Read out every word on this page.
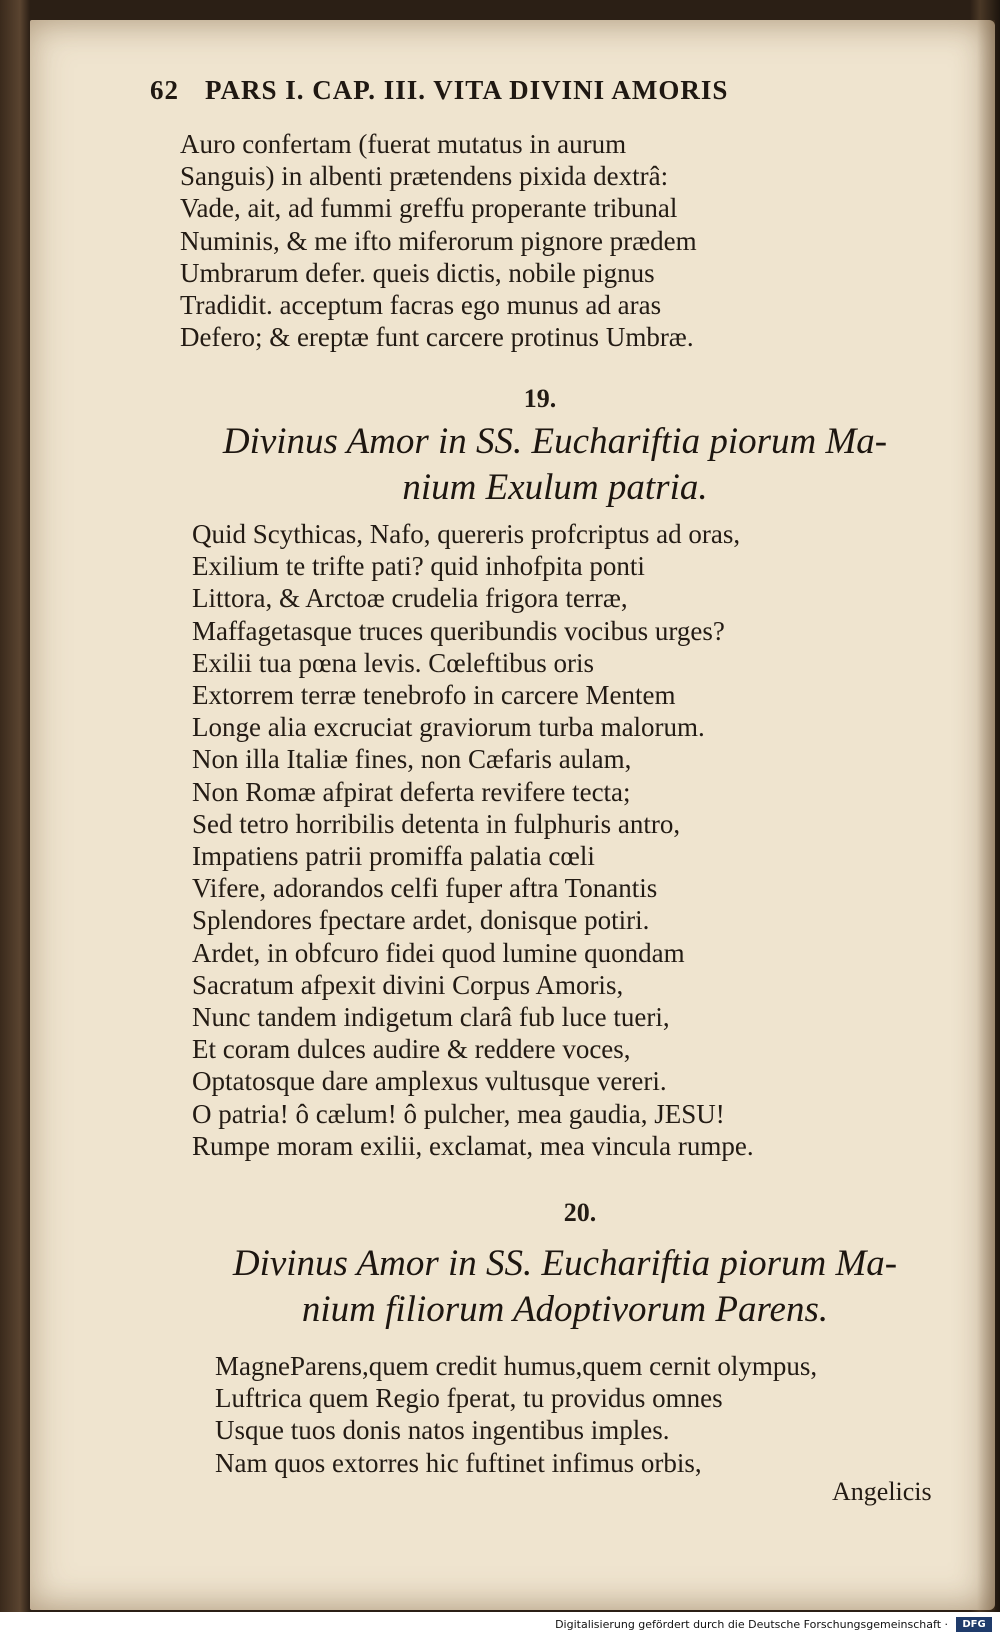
62 PARS I. CAP. III. VITA DIVINI AMORIS
Auro confertam (fuerat mutatus in aurum
Sanguis) in albenti prætendens pixida dextrâ:
Vade, ait, ad fummi greffu properante tribunal
Numinis, & me ifto miferorum pignore prædem
Umbrarum defer. queis dictis, nobile pignus
Tradidit. acceptum facras ego munus ad aras
Defero; & ereptæ funt carcere protinus Umbræ.
19.
Divinus Amor in SS. Euchariftia piorum Ma-
nium Exulum patria.
Quid Scythicas, Nafo, quereris profcriptus ad oras,
Exilium te trifte pati? quid inhofpita ponti
Littora, & Arctoæ crudelia frigora terræ,
Maffagetasque truces queribundis vocibus urges?
Exilii tua pœna levis. Cœleftibus oris
Extorrem terræ tenebrofo in carcere Mentem
Longe alia excruciat graviorum turba malorum.
Non illa Italiæ fines, non Cæfaris aulam,
Non Romæ afpirat deferta revifere tecta;
Sed tetro horribilis detenta in fulphuris antro,
Impatiens patrii promiffa palatia cœli
Vifere, adorandos celfi fuper aftra Tonantis
Splendores fpectare ardet, donisque potiri.
Ardet, in obfcuro fidei quod lumine quondam
Sacratum afpexit divini Corpus Amoris,
Nunc tandem indigetum clarâ fub luce tueri,
Et coram dulces audire & reddere voces,
Optatosque dare amplexus vultusque vereri.
O patria! ô cælum! ô pulcher, mea gaudia, JESU!
Rumpe moram exilii, exclamat, mea vincula rumpe.
20.
Divinus Amor in SS. Euchariftia piorum Ma-
nium filiorum Adoptivorum Parens.
MagneParens,quem credit humus,quem cernit olympus,
Luftrica quem Regio fperat, tu providus omnes
Usque tuos donis natos ingentibus imples.
Nam quos extorres hic fuftinet infimus orbis,
Angelicis
Digitalisierung gefördert durch die Deutsche Forschungsgemeinschaft ·	DFG
